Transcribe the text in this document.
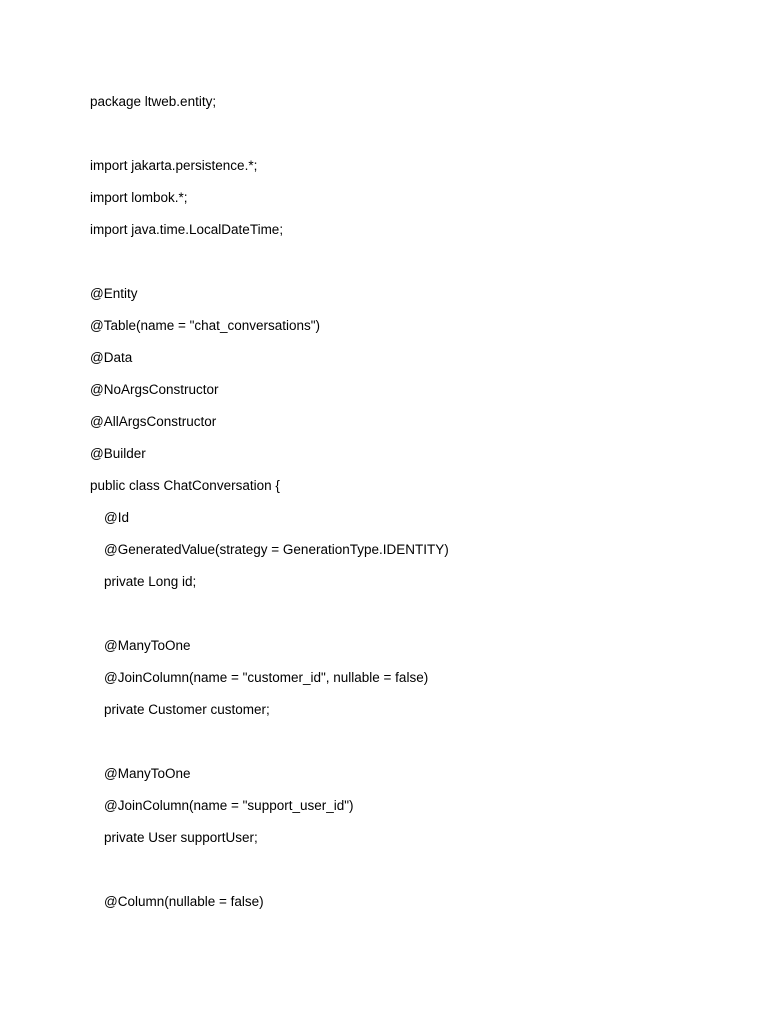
package ltweb.entity;
import jakarta.persistence.*;
import lombok.*;
import java.time.LocalDateTime;
@Entity
@Table(name = "chat_conversations")
@Data
@NoArgsConstructor
@AllArgsConstructor
@Builder
public class ChatConversation {
@Id
@GeneratedValue(strategy = GenerationType.IDENTITY)
private Long id;
@ManyToOne
@JoinColumn(name = "customer_id", nullable = false)
private Customer customer;
@ManyToOne
@JoinColumn(name = "support_user_id")
private User supportUser;
@Column(nullable = false)
